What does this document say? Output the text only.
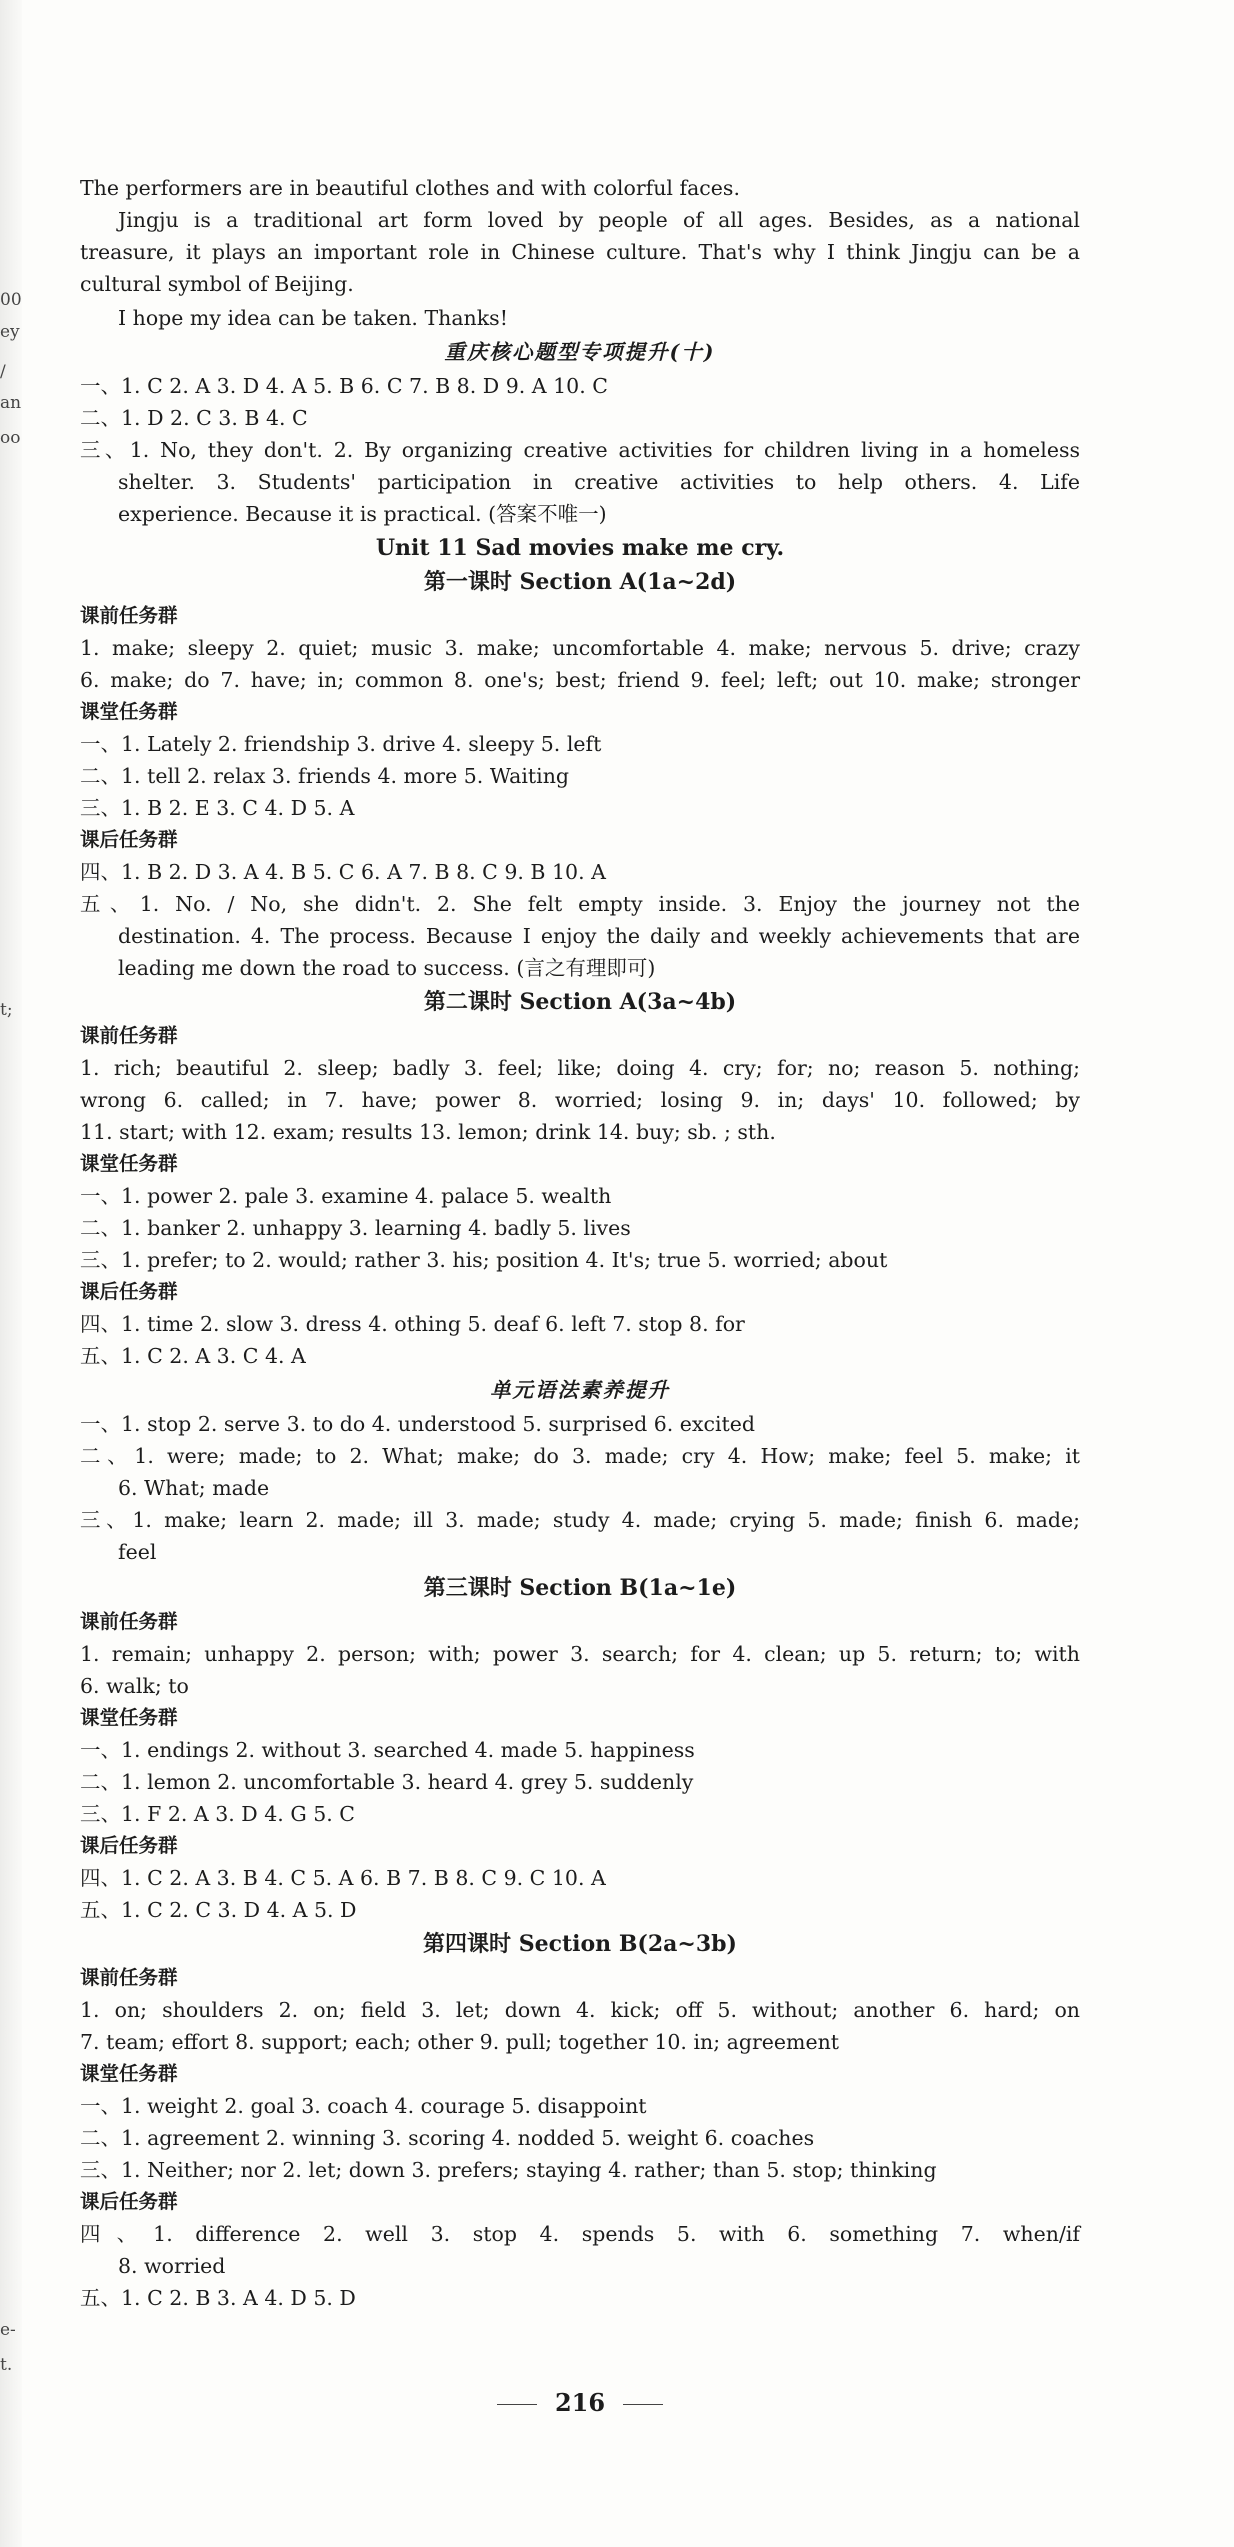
00
ey
/
an
oo
t;
e-
t.
The performers are in beautiful clothes and with colorful faces.
Jingju is a traditional art form loved by people of all ages. Besides, as a national
treasure, it plays an important role in Chinese culture. That's why I think Jingju can be a
cultural symbol of Beijing.
I hope my idea can be taken. Thanks!
重庆核心题型专项提升(十)
一、1. C 2. A 3. D 4. A 5. B 6. C 7. B 8. D 9. A 10. C
二、1. D 2. C 3. B 4. C
三、1. No, they don't. 2. By organizing creative activities for children living in a homeless
shelter. 3. Students' participation in creative activities to help others. 4. Life
experience. Because it is practical. (答案不唯一)
Unit 11 Sad movies make me cry.
第一课时 Section A(1a~2d)
课前任务群
1. make; sleepy 2. quiet; music 3. make; uncomfortable 4. make; nervous 5. drive; crazy
6. make; do 7. have; in; common 8. one's; best; friend 9. feel; left; out 10. make; stronger
课堂任务群
一、1. Lately 2. friendship 3. drive 4. sleepy 5. left
二、1. tell 2. relax 3. friends 4. more 5. Waiting
三、1. B 2. E 3. C 4. D 5. A
课后任务群
四、1. B 2. D 3. A 4. B 5. C 6. A 7. B 8. C 9. B 10. A
五、1. No. / No, she didn't. 2. She felt empty inside. 3. Enjoy the journey not the
destination. 4. The process. Because I enjoy the daily and weekly achievements that are
leading me down the road to success. (言之有理即可)
第二课时 Section A(3a~4b)
课前任务群
1. rich; beautiful 2. sleep; badly 3. feel; like; doing 4. cry; for; no; reason 5. nothing;
wrong 6. called; in 7. have; power 8. worried; losing 9. in; days' 10. followed; by
11. start; with 12. exam; results 13. lemon; drink 14. buy; sb. ; sth.
课堂任务群
一、1. power 2. pale 3. examine 4. palace 5. wealth
二、1. banker 2. unhappy 3. learning 4. badly 5. lives
三、1. prefer; to 2. would; rather 3. his; position 4. It's; true 5. worried; about
课后任务群
四、1. time 2. slow 3. dress 4. othing 5. deaf 6. left 7. stop 8. for
五、1. C 2. A 3. C 4. A
单元语法素养提升
一、1. stop 2. serve 3. to do 4. understood 5. surprised 6. excited
二、1. were; made; to 2. What; make; do 3. made; cry 4. How; make; feel 5. make; it
6. What; made
三、1. make; learn 2. made; ill 3. made; study 4. made; crying 5. made; finish 6. made;
feel
第三课时 Section B(1a~1e)
课前任务群
1. remain; unhappy 2. person; with; power 3. search; for 4. clean; up 5. return; to; with
6. walk; to
课堂任务群
一、1. endings 2. without 3. searched 4. made 5. happiness
二、1. lemon 2. uncomfortable 3. heard 4. grey 5. suddenly
三、1. F 2. A 3. D 4. G 5. C
课后任务群
四、1. C 2. A 3. B 4. C 5. A 6. B 7. B 8. C 9. C 10. A
五、1. C 2. C 3. D 4. A 5. D
第四课时 Section B(2a~3b)
课前任务群
1. on; shoulders 2. on; field 3. let; down 4. kick; off 5. without; another 6. hard; on
7. team; effort 8. support; each; other 9. pull; together 10. in; agreement
课堂任务群
一、1. weight 2. goal 3. coach 4. courage 5. disappoint
二、1. agreement 2. winning 3. scoring 4. nodded 5. weight 6. coaches
三、1. Neither; nor 2. let; down 3. prefers; staying 4. rather; than 5. stop; thinking
课后任务群
四、1. difference 2. well 3. stop 4. spends 5. with 6. something 7. when/if
8. worried
五、1. C 2. B 3. A 4. D 5. D
216
